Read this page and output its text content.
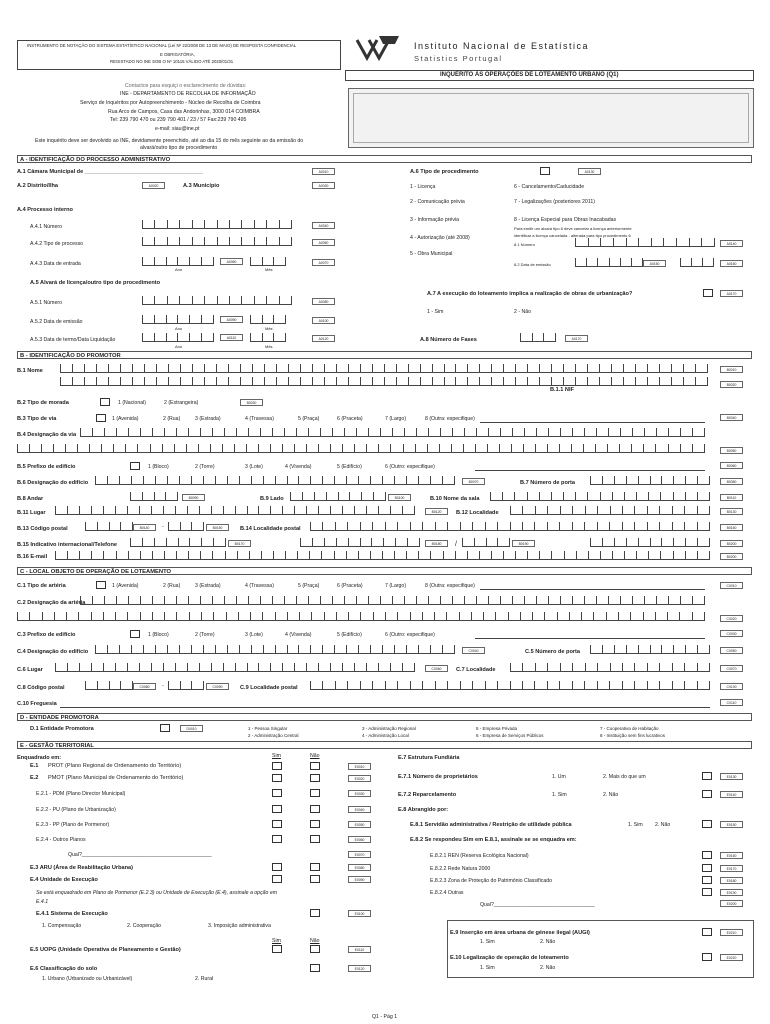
INSTRUMENTO DE NOTAÇÃO DO SISTEMA ESTATÍSTICO NACIONAL (Lei Nº 22/2008 DE 13 DE MAIO) DE RESPOSTA CONFIDENCIAL
E OBRIGATÓRIA,
REGISTADO NO INE SOB O Nº 10115 VÁLIDO ATÉ 2020/01/31
Instituto Nacional de Estatística
Statistics Portugal
INQUÉRITO ÀS OPERAÇÕES DE LOTEAMENTO URBANO (Q1)
Contactos para esquiçi o esclarecimento de dúvidas:
INE - DEPARTAMENTO DE RECOLHA DE INFORMAÇÃO
Serviço de Inquéritos por Autopreenchimento - Núcleo de Recolha de Coimbra
Rua Arco de Campos, Casa das Andorinhas, 3000 014 COIMBRA
Tel: 239 790 470 ou 239 790 401 / 23 / 57 Fax:239 790 495
e-mail: siau@ine.pt
Este inquérito deve ser devolvido ao INE, devidamente preenchido, até ao dia 15 do mês seguinte ao da emissão do
alvará/outro tipo de procedimento
A - IDENTIFICAÇÃO DO PROCESSO ADMINISTRATIVO
A.1 Câmara Municipal de ______________________________________	A0010
A.2 Distrito/Ilha	A0020	A.3 Município	A0030
A.4 Processo interno
A.4.1 Número	A0040
A.4.2 Tipo de processo	A0050
A.4.3 Data de entrada	A0060	A0070
Ano	Mês
A.5 Alvará de licença/outro tipo de procedimento
A.5.1 Número	A0080
A.5.2 Data de emissão	A0090	A0100
Ano	Mês
A.5.3 Data de termo/Data Liquidação	A0110	A0120
Ano	Mês
A.6 Tipo de procedimento	A0130
1 - Licença
2 - Comunicação prévia
3 - Informação prévia
4 - Autorização (até 2008)
5 - Obra Municipal
6 - Cancelamento/Caducidade
7 - Legalizações (posteriores 2011)
8 - Licença Especial para Obras Inacabadas
Para emitir um alvará tipo 8 deve cancelar a licença anteriormente
identificar a licença cancelada - alterada para tipo procedimento 6
8.1 Número	A0140
8.2 Data de emissão	A0150	A0160
A.7 A execução do loteamento implica a realização de obras de urbanização?	A0170
1 - Sim	2 - Não
A.8 Número de Fases	A0170
B - IDENTIFICAÇÃO DO PROMOTOR
B.1 Nome	B0010
B0020
B.1.1 NIF
B.2 Tipo de morada	1 (Nacional)	2 (Estrangeira)	B0030
B.3 Tipo de via	1 (Avenida)	2 (Rua)	3 (Estrada)	4 (Travessa)	5 (Praça)	6 (Praceta)	7 (Largo)	8 (Outra: especifique)	B0040
B.4 Designação da via
B0050
B.5 Prefixo de edifício	1 (Bloco)	2 (Torre)	3 (Lote)	4 (Vivenda)	5 (Edifício)	6 (Outro: especifique)	B0060
B.6 Designação do edifício	B0070	B.7 Número de porta	B0080
B.8 Andar	B0090	B.9 Lado	B0100	B.10 Nome da sala	B0110
B.11 Lugar	B0120	B.12 Localidade	B0130
B.13 Código postal	B0140	-	B0150	B.14 Localidade postal	B0160
B.15 Indicativo internacional/Telefone	B0170	B0180	/	B0190	B0200
B.16 E-mail	B0200
C - LOCAL OBJETO DE OPERAÇÃO DE LOTEAMENTO
C.1 Tipo de artéria	1 (Avenida)	2 (Rua)	3 (Estrada)	4 (Travessa)	5 (Praça)	6 (Praceta)	7 (Largo)	8 (Outra: especifique)	C0010
C.2 Designação da artéria
C0020
C.3 Prefixo de edifício	1 (Bloco)	2 (Torre)	3 (Lote)	4 (Vivenda)	5 (Edifício)	6 (Outro: especifique)	C0030
C.4 Designação do edifício	C0040	C.5 Número de porta	C0050
C.6 Lugar	C0060	C.7 Localidade	C0070
C.8 Código postal	C0080	-	C0090	C.9 Localidade postal	C0100
C.10 Freguesia	C0110
D - ENTIDADE PROMOTORA
D.1 Entidade Promotora	D0010	1 - Pessoa Singular
2 - Administração Central
3 - Administração Regional
4 - Administração Local
5 - Empresa Privada
6 - Empresa de Serviços Públicos
7 - Cooperativa de Habitação
8 - Instituição sem fins lucrativos
E - GESTÃO TERRITORIAL
Enquadrado em:	Sim	Não
E.1 PROT (Plano Regional de Ordenamento do Território)	E0010
E.2 PMOT (Plano Municipal de Ordenamento do Território)	E0020
E.2.1 - PDM (Plano Director Municipal)	E0030
E.2.2 - PU (Plano de Urbanização)	E0040
E.2.3 - PP (Plano de Pormenor)	E0050
E.2.4 - Outros Planos	E0060
Qual?_____________________________________________	E0070
E.3 ARU (Área de Reabilitação Urbana)	E0080
E.4 Unidade de Execução	E0090
Se está enquadrado em Plano de Pormenor (E.2.3) ou Unidade de Execução (E.4), assinale a opção em
E.4.1
E.4.1 Sistema de Execução	E0100
1. Compensação	2. Cooperação	3. Imposição administrativa
Sim	Não
E.5 UOPG (Unidade Operativa de Planeamento e Gestão)	E0110
E.6 Classificação do solo	E0120
1. Urbano (Urbanizado ou Urbanizável)	2. Rural
E.7 Estrutura Fundiária
E.7.1 Número de proprietários	1. Um	2. Mais do que um	E0130
E.7.2 Reparcelamento	1. Sim	2. Não	E0140
E.8 Abrangido por:
E.8.1 Servidão administrativa / Restrição de utilidade pública	1. Sim 2. Não	E0150
E.8.2 Se respondeu Sim em E.8.1, assinale se se enquadra em:
E.8.2.1 REN (Reserva Ecológica Nacional)	E0160
E.8.2.2 Rede Natura 2000	E0170
E.8.2.3 Zona de Proteção do Património Classificado	E0180
E.8.2.4 Outras	E0190
Qual?___________________________________	E0200
E.9 Inserção em área urbana de génese ilegal (AUGI)	E0210
1. Sim	2. Não
E.10 Legalização de operação de loteamento	E0220
1. Sim	2. Não
Q1 - Pág 1
